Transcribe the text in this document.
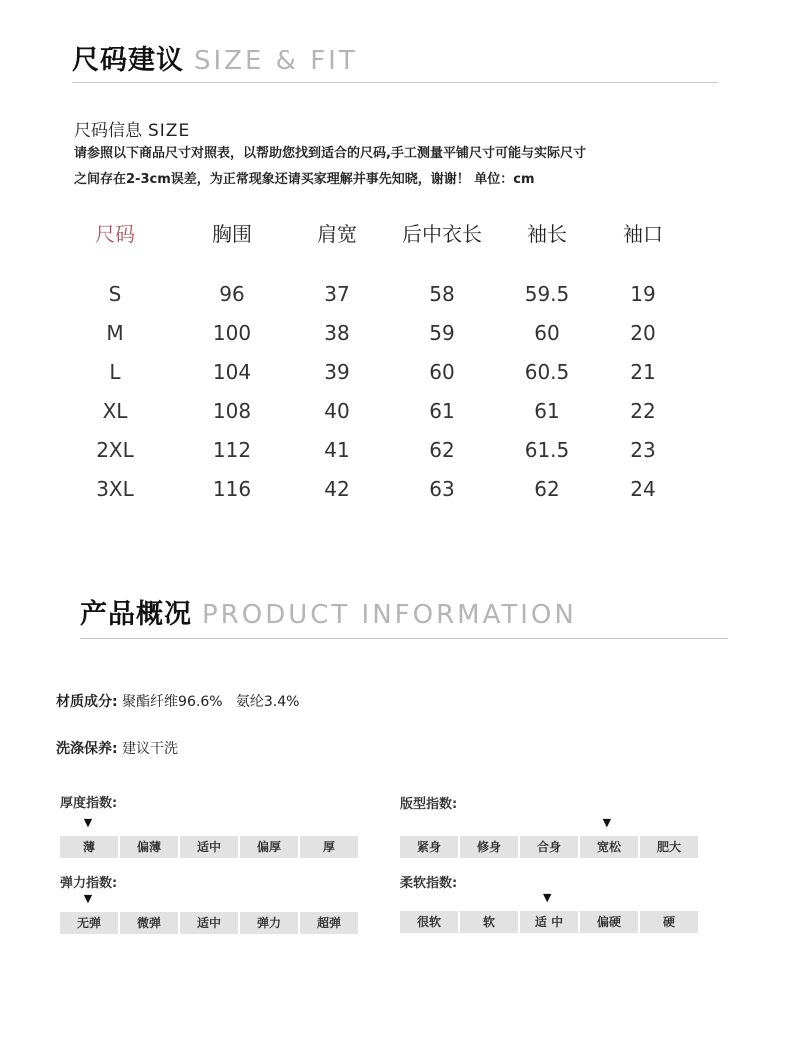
尺码建议 SIZE & FIT
尺码信息 SIZE
请参照以下商品尺寸对照表，以帮助您找到适合的尺码,手工测量平铺尺寸可能与实际尺寸
之间存在2-3cm误差，为正常现象还请买家理解并事先知晓，谢谢！ 单位：cm
尺码	胸围	肩宽	后中衣长	袖长	袖口
S	96	37	58	59.5	19
M	100	38	59	60	20
L	104	39	60	60.5	21
XL	108	40	61	61	22
2XL	112	41	62	61.5	23
3XL	116	42	63	62	24
产品概况 PRODUCT INFORMATION
材质成分: 聚酯纤维96.6%   氨纶3.4%
洗涤保养: 建议干洗
厚度指数:
薄	偏薄	适中	偏厚	厚
版型指数:
紧身	修身	合身	宽松	肥大
弹力指数:
无弹	微弹	适中	弹力	超弹
柔软指数:
很软	软	适 中	偏硬	硬
▼	▼
▼	▼
